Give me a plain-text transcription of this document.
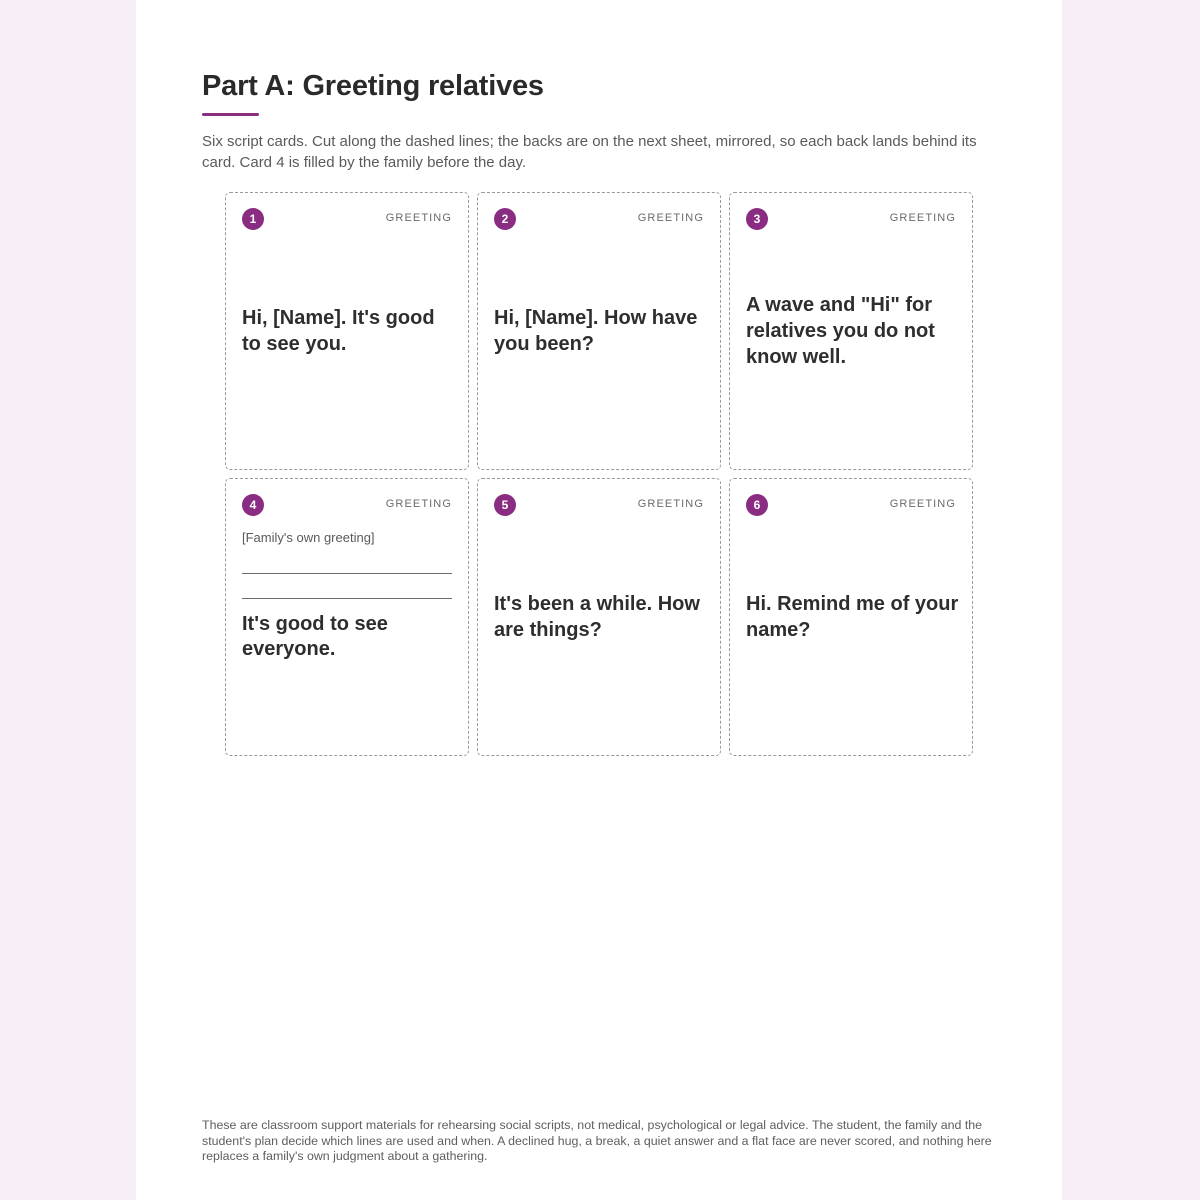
Part A: Greeting relatives

Six script cards. Cut along the dashed lines; the backs are on the next sheet, mirrored, so each back lands behind its card. Card 4 is filled by the family before the day.

1	GREETING

Hi, [Name]. It's good to see you.

2	GREETING

Hi, [Name]. How have you been?

3	GREETING

A wave and "Hi" for relatives you do not know well.

4	GREETING
[Family's own greeting]

It's good to see everyone.

5	GREETING

It's been a while. How are things?

6	GREETING

Hi. Remind me of your name?

These are classroom support materials for rehearsing social scripts, not medical, psychological or legal advice. The student, the family and the student's plan decide which lines are used and when. A declined hug, a break, a quiet answer and a flat face are never scored, and nothing here replaces a family's own judgment about a gathering.
